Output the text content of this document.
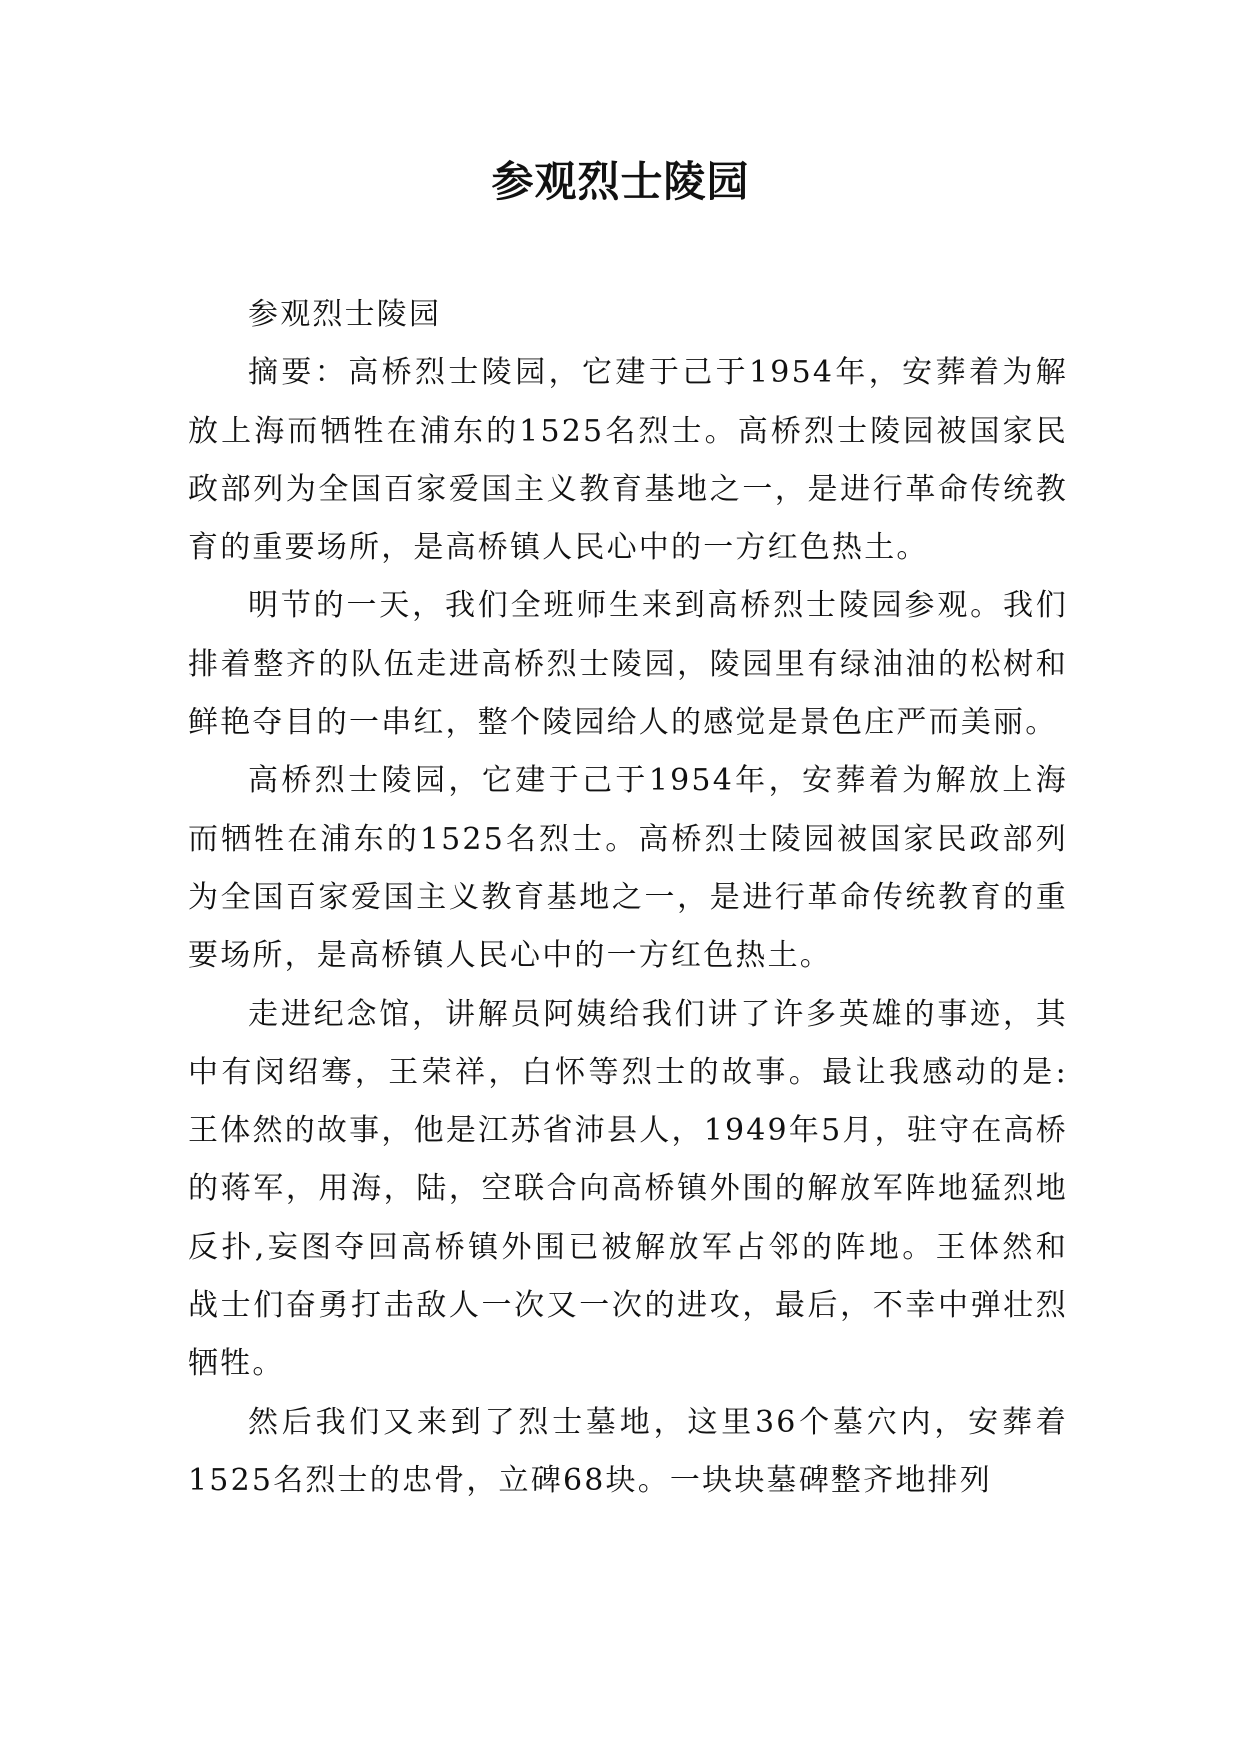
参观烈士陵园

参观烈士陵园

摘要：高桥烈士陵园，它建于己于1954年，安葬着为解放上海而牺牲在浦东的1525名烈士。高桥烈士陵园被国家民政部列为全国百家爱国主义教育基地之一，是进行革命传统教育的重要场所，是高桥镇人民心中的一方红色热土。

明节的一天，我们全班师生来到高桥烈士陵园参观。我们排着整齐的队伍走进高桥烈士陵园，陵园里有绿油油的松树和鲜艳夺目的一串红，整个陵园给人的感觉是景色庄严而美丽。

高桥烈士陵园，它建于己于1954年，安葬着为解放上海而牺牲在浦东的1525名烈士。高桥烈士陵园被国家民政部列为全国百家爱国主义教育基地之一，是进行革命传统教育的重要场所，是高桥镇人民心中的一方红色热土。

走进纪念馆，讲解员阿姨给我们讲了许多英雄的事迹，其中有闵绍骞，王荣祥，白怀等烈士的故事。最让我感动的是:王体然的故事，他是江苏省沛县人，1949年5月，驻守在高桥的蒋军，用海，陆，空联合向高桥镇外围的解放军阵地猛烈地反扑,妄图夺回高桥镇外围已被解放军占邻的阵地。王体然和战士们奋勇打击敌人一次又一次的进攻，最后，不幸中弹壮烈牺牲。

然后我们又来到了烈士墓地，这里36个墓穴内，安葬着1525名烈士的忠骨，立碑68块。一块块墓碑整齐地排列
